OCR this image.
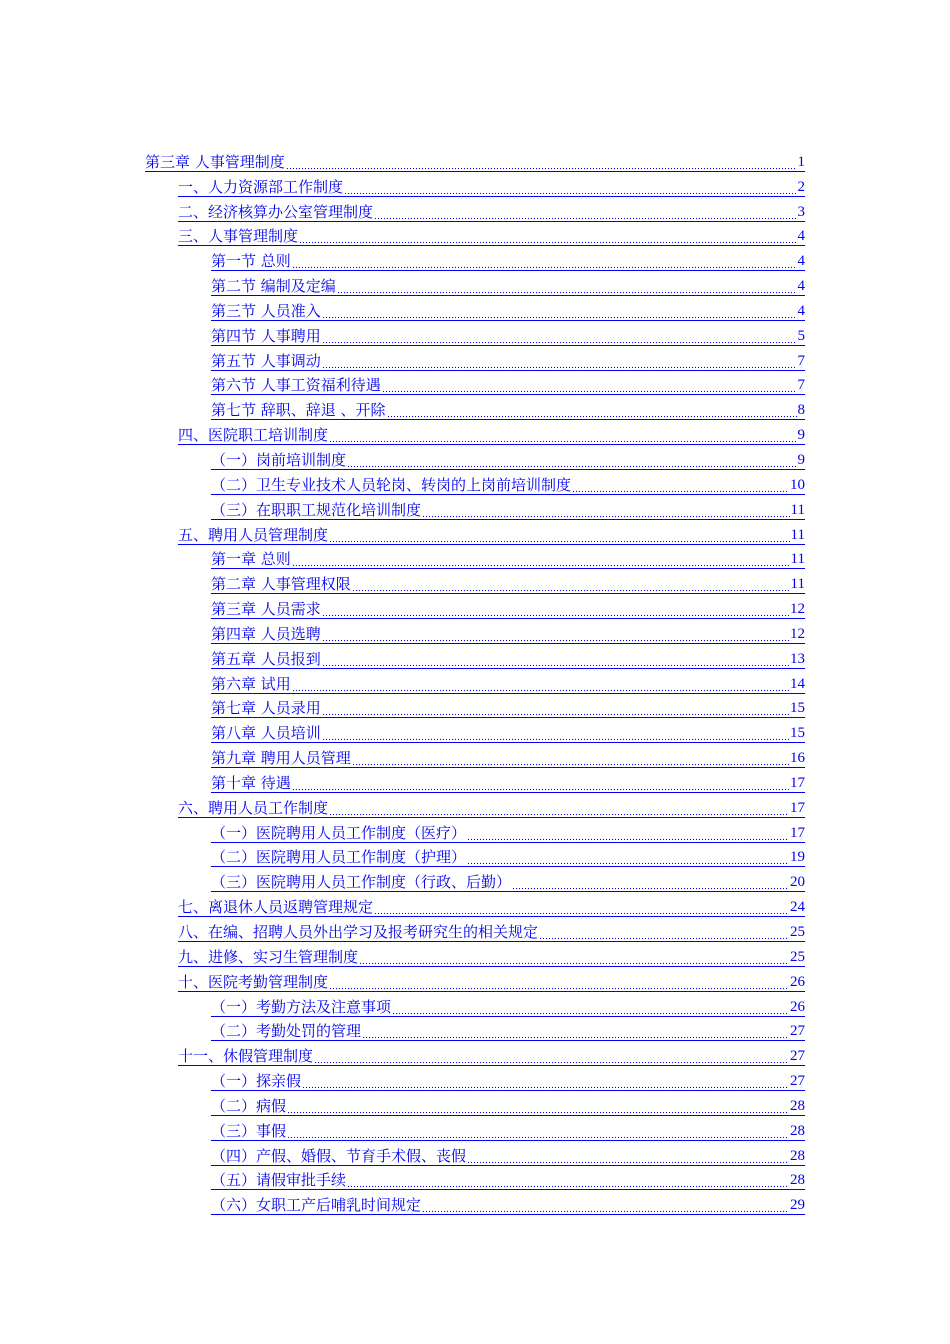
第三章 人事管理制度	1
一、人力资源部工作制度	2
二、经济核算办公室管理制度	3
三、人事管理制度	4
第一节 总则	4
第二节 编制及定编	4
第三节 人员准入	4
第四节 人事聘用	5
第五节 人事调动	7
第六节 人事工资福利待遇	7
第七节 辞职、辞退 、开除	8
四、医院职工培训制度	9
（一）岗前培训制度	9
（二）卫生专业技术人员轮岗、转岗的上岗前培训制度	10
（三）在职职工规范化培训制度	11
五、聘用人员管理制度	11
第一章 总则	11
第二章 人事管理权限	11
第三章 人员需求	12
第四章 人员选聘	12
第五章 人员报到	13
第六章 试用	14
第七章 人员录用	15
第八章 人员培训	15
第九章 聘用人员管理	16
第十章 待遇	17
六、聘用人员工作制度	17
（一）医院聘用人员工作制度（医疗）	17
（二）医院聘用人员工作制度（护理）	19
（三）医院聘用人员工作制度（行政、后勤）	20
七、离退休人员返聘管理规定	24
八、在编、招聘人员外出学习及报考研究生的相关规定	25
九、进修、实习生管理制度	25
十、医院考勤管理制度	26
（一）考勤方法及注意事项	26
（二）考勤处罚的管理	27
十一、休假管理制度	27
（一）探亲假	27
（二）病假	28
（三）事假	28
（四）产假、婚假、节育手术假、丧假	28
（五）请假审批手续	28
（六）女职工产后哺乳时间规定	29
